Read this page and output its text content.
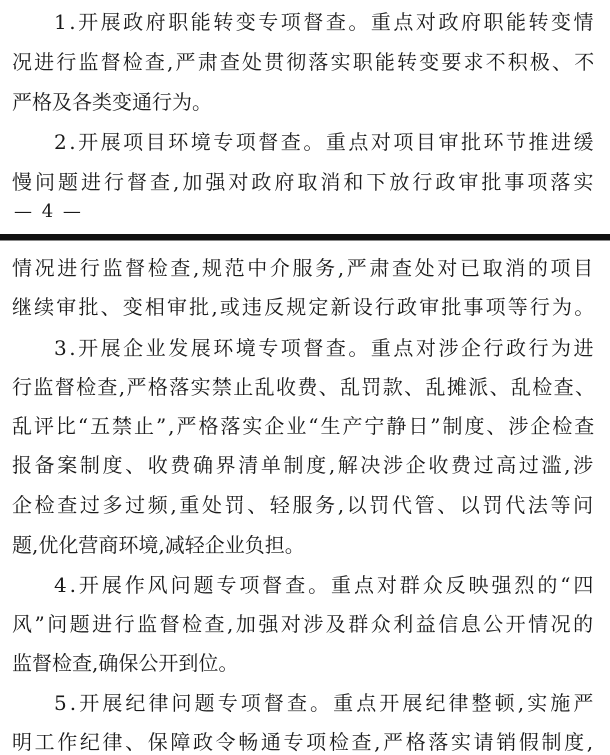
1.开展政府职能转变专项督查。重点对政府职能转变情
况进行监督检查,严肃查处贯彻落实职能转变要求不积极、不
严格及各类变通行为。
2.开展项目环境专项督查。重点对项目审批环节推进缓
慢问题进行督查,加强对政府取消和下放行政审批事项落实
— 4 —
情况进行监督检查,规范中介服务,严肃查处对已取消的项目
继续审批、变相审批,或违反规定新设行政审批事项等行为。
3.开展企业发展环境专项督查。重点对涉企行政行为进
行监督检查,严格落实禁止乱收费、乱罚款、乱摊派、乱检查、
乱评比“五禁止”,严格落实企业“生产宁静日”制度、涉企检查
报备案制度、收费确界清单制度,解决涉企收费过高过滥,涉
企检查过多过频,重处罚、轻服务,以罚代管、以罚代法等问
题,优化营商环境,减轻企业负担。
4.开展作风问题专项督查。重点对群众反映强烈的“四
风”问题进行监督检查,加强对涉及群众利益信息公开情况的
监督检查,确保公开到位。
5.开展纪律问题专项督查。重点开展纪律整顿,实施严
明工作纪律、保障政令畅通专项检查,严格落实请销假制度,
